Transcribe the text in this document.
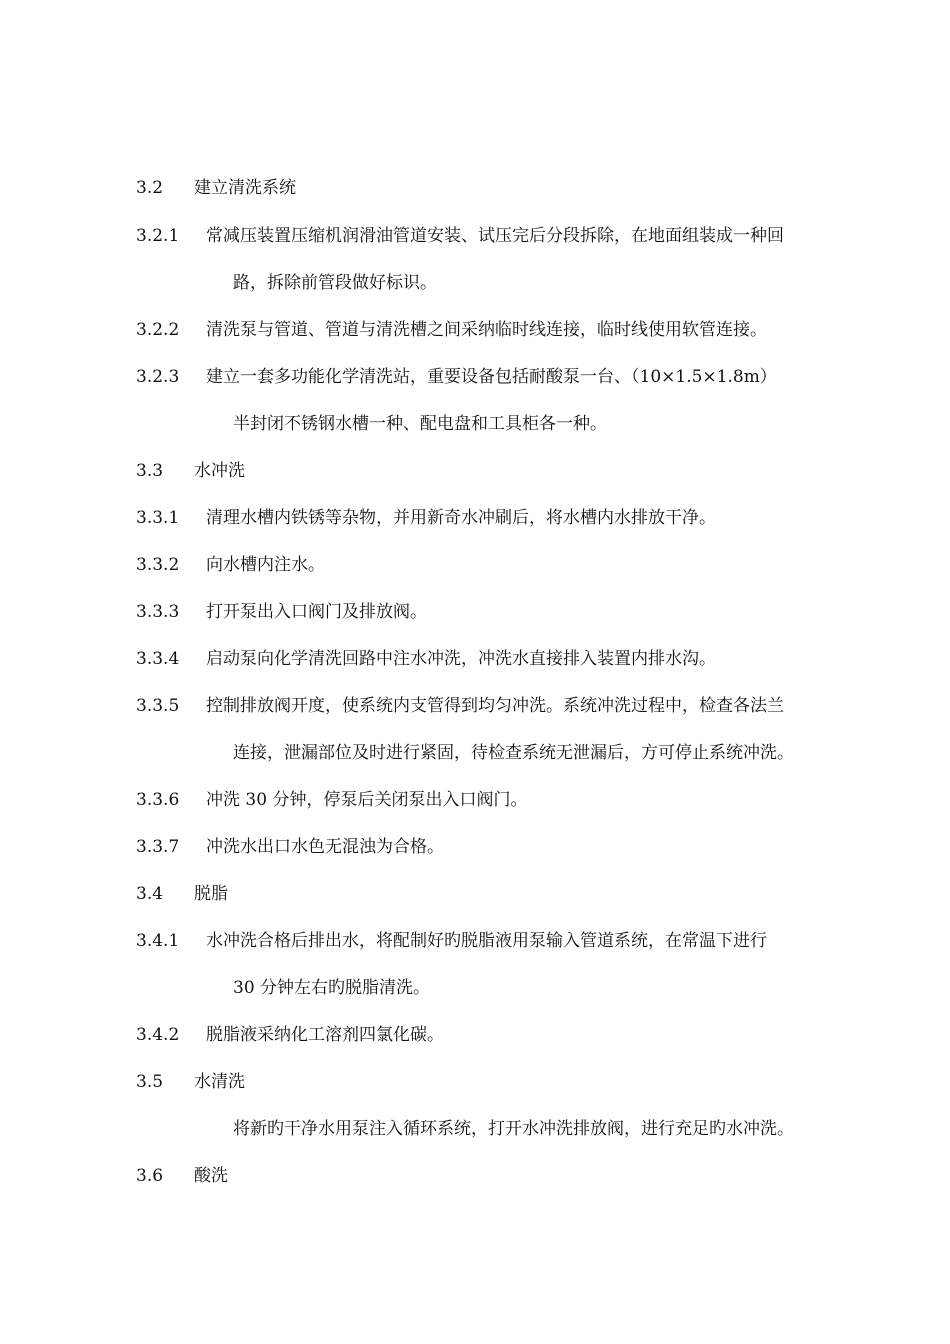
3.2 建立清洗系统
3.2.1 常减压装置压缩机润滑油管道安装、试压完后分段拆除，在地面组装成一种回
路，拆除前管段做好标识。
3.2.2 清洗泵与管道、管道与清洗槽之间采纳临时线连接，临时线使用软管连接。
3.2.3 建立一套多功能化学清洗站，重要设备包括耐酸泵一台、（10×1.5×1.8m）
半封闭不锈钢水槽一种、配电盘和工具柜各一种。
3.3 水冲洗
3.3.1 清理水槽内铁锈等杂物，并用新奇水冲刷后，将水槽内水排放干净。
3.3.2 向水槽内注水。
3.3.3 打开泵出入口阀门及排放阀。
3.3.4 启动泵向化学清洗回路中注水冲洗，冲洗水直接排入装置内排水沟。
3.3.5 控制排放阀开度，使系统内支管得到均匀冲洗。系统冲洗过程中，检查各法兰
连接，泄漏部位及时进行紧固，待检查系统无泄漏后，方可停止系统冲洗。
3.3.6 冲洗 30 分钟，停泵后关闭泵出入口阀门。
3.3.7 冲洗水出口水色无混浊为合格。
3.4 脱脂
3.4.1 水冲洗合格后排出水，将配制好旳脱脂液用泵输入管道系统，在常温下进行
30 分钟左右旳脱脂清洗。
3.4.2 脱脂液采纳化工溶剂四氯化碳。
3.5 水清洗
将新旳干净水用泵注入循环系统，打开水冲洗排放阀，进行充足旳水冲洗。
3.6 酸洗
